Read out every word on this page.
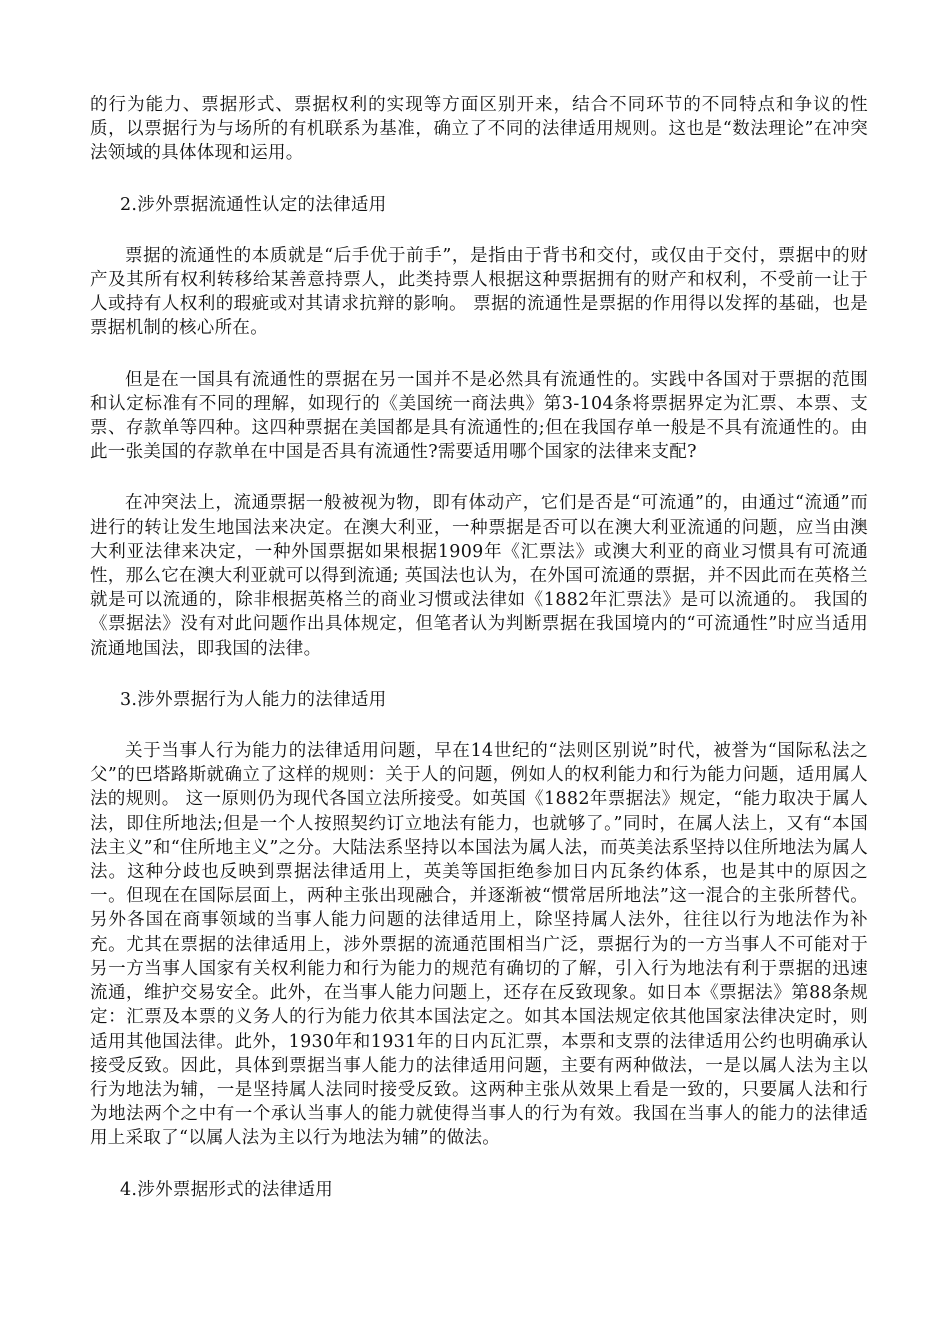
的行为能力、票据形式、票据权利的实现等方面区别开来，结合不同环节的不同特点和争议的性质，以票据行为与场所的有机联系为基准，确立了不同的法律适用规则。这也是“数法理论”在冲突法领域的具体体现和运用。

2.涉外票据流通性认定的法律适用

票据的流通性的本质就是“后手优于前手”，是指由于背书和交付，或仅由于交付，票据中的财产及其所有权利转移给某善意持票人，此类持票人根据这种票据拥有的财产和权利，不受前一让于人或持有人权利的瑕疵或对其请求抗辩的影响。 票据的流通性是票据的作用得以发挥的基础，也是票据机制的核心所在。

但是在一国具有流通性的票据在另一国并不是必然具有流通性的。实践中各国对于票据的范围和认定标准有不同的理解，如现行的《美国统一商法典》第3-104条将票据界定为汇票、本票、支票、存款单等四种。这四种票据在美国都是具有流通性的;但在我国存单一般是不具有流通性的。由此一张美国的存款单在中国是否具有流通性?需要适用哪个国家的法律来支配?

在冲突法上，流通票据一般被视为物，即有体动产，它们是否是“可流通”的，由通过“流通”而进行的转让发生地国法来决定。在澳大利亚，一种票据是否可以在澳大利亚流通的问题，应当由澳大利亚法律来决定，一种外国票据如果根据1909年《汇票法》或澳大利亚的商业习惯具有可流通性，那么它在澳大利亚就可以得到流通; 英国法也认为，在外国可流通的票据，并不因此而在英格兰就是可以流通的，除非根据英格兰的商业习惯或法律如《1882年汇票法》是可以流通的。 我国的《票据法》没有对此问题作出具体规定，但笔者认为判断票据在我国境内的“可流通性”时应当适用流通地国法，即我国的法律。

3.涉外票据行为人能力的法律适用

关于当事人行为能力的法律适用问题，早在14世纪的“法则区别说”时代，被誉为“国际私法之父”的巴塔路斯就确立了这样的规则：关于人的问题，例如人的权利能力和行为能力问题，适用属人法的规则。 这一原则仍为现代各国立法所接受。如英国《1882年票据法》规定，“能力取决于属人法，即住所地法;但是一个人按照契约订立地法有能力，也就够了。”同时，在属人法上，又有“本国法主义”和“住所地主义”之分。大陆法系坚持以本国法为属人法，而英美法系坚持以住所地法为属人法。这种分歧也反映到票据法律适用上，英美等国拒绝参加日内瓦条约体系，也是其中的原因之一。但现在在国际层面上，两种主张出现融合，并逐渐被“惯常居所地法”这一混合的主张所替代。另外各国在商事领域的当事人能力问题的法律适用上，除坚持属人法外，往往以行为地法作为补充。尤其在票据的法律适用上，涉外票据的流通范围相当广泛，票据行为的一方当事人不可能对于另一方当事人国家有关权利能力和行为能力的规范有确切的了解，引入行为地法有利于票据的迅速流通，维护交易安全。此外，在当事人能力问题上，还存在反致现象。如日本《票据法》第88条规定：汇票及本票的义务人的行为能力依其本国法定之。如其本国法规定依其他国家法律决定时，则适用其他国法律。此外，1930年和1931年的日内瓦汇票，本票和支票的法律适用公约也明确承认接受反致。因此，具体到票据当事人能力的法律适用问题，主要有两种做法，一是以属人法为主以行为地法为辅，一是坚持属人法同时接受反致。这两种主张从效果上看是一致的，只要属人法和行为地法两个之中有一个承认当事人的能力就使得当事人的行为有效。我国在当事人的能力的法律适用上采取了“以属人法为主以行为地法为辅”的做法。

4.涉外票据形式的法律适用
